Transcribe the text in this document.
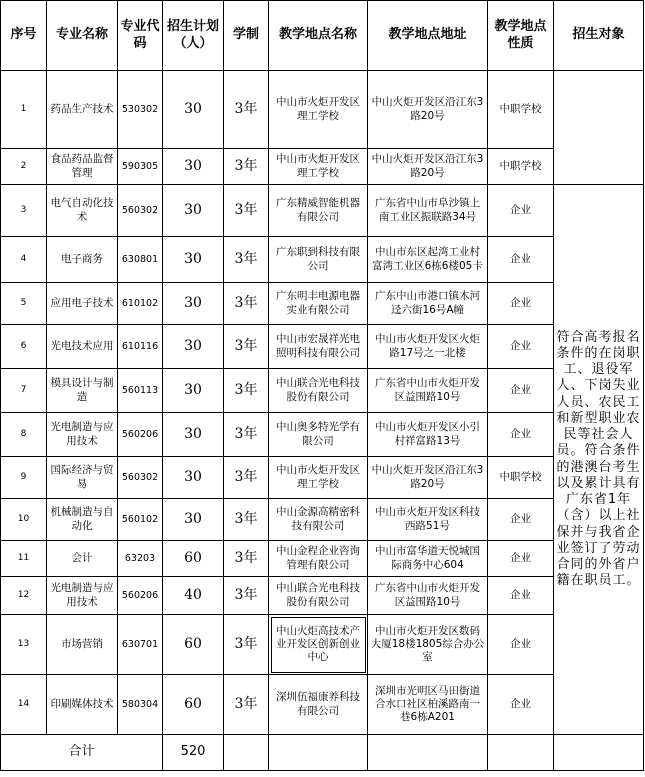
序号	专业名称	专业代码	招生计划（人）	学制	教学地点名称	教学地点地址	教学地点性质	招生对象
1	药品生产技术	530302	30	3年	中山市火炬开发区理工学校	中山火炬开发区沿江东3路20号	中职学校	
2	食品药品监督管理	590305	30	3年	中山市火炬开发区理工学校	中山火炬开发区沿江东3路20号	中职学校	
3	电气自动化技术	560302	30	3年	广东精威智能机器有限公司	广东省中山市阜沙镇上南工业区振联路34号	企业	符合高考报名条件的在岗职工、退役军人、下岗失业人员、农民工和新型职业农民等社会人员。符合条件的港澳台考生以及累计具有广东省1年（含）以上社保并与我省企业签订了劳动合同的外省户籍在职员工。
4	电子商务	630801	30	3年	广东职到科技有限公司	中山市东区起湾工业村富湾工业区6栋6楼05卡	企业	
5	应用电子技术	610102	30	3年	广东明丰电源电器实业有限公司	广东中山市港口镇木河迳六街16号A幢	企业	
6	光电技术应用	610116	30	3年	中山市宏晟祥光电照明科技有限公司	中山市火炬开发区火炬路17号之一北楼	企业	
7	模具设计与制造	560113	30	3年	中山联合光电科技股份有限公司	广东省中山市火炬开发区益围路10号	企业	
8	光电制造与应用技术	560206	30	3年	中山奥多特光学有限公司	中山市火炬开发区小引村祥富路13号	企业	
9	国际经济与贸易	560302	30	3年	中山市火炬开发区理工学校	中山火炬开发区沿江东3路20号	中职学校	
10	机械制造与自动化	560102	30	3年	中山金源高精密科技有限公司	中山市火炬开发区科技西路51号	企业	
11	会计	63203	60	3年	中山金程企业咨询管理有限公司	中山市富华道天悦城国际商务中心604	企业	
12	光电制造与应用技术	560206	40	3年	中山联合光电科技股份有限公司	广东省中山市火炬开发区益围路10号	企业	
13	市场营销	630701	60	3年	中山火炬高技术产业开发区创新创业中心	中山市火炬开发区数码大厦18楼1805综合办公室	企业	
14	印刷媒体技术	580304	60	3年	深圳伍福康养科技有限公司	深圳市光明区马田街道合水口社区柏溪路南一巷6栋A201	企业	
合计			520					
